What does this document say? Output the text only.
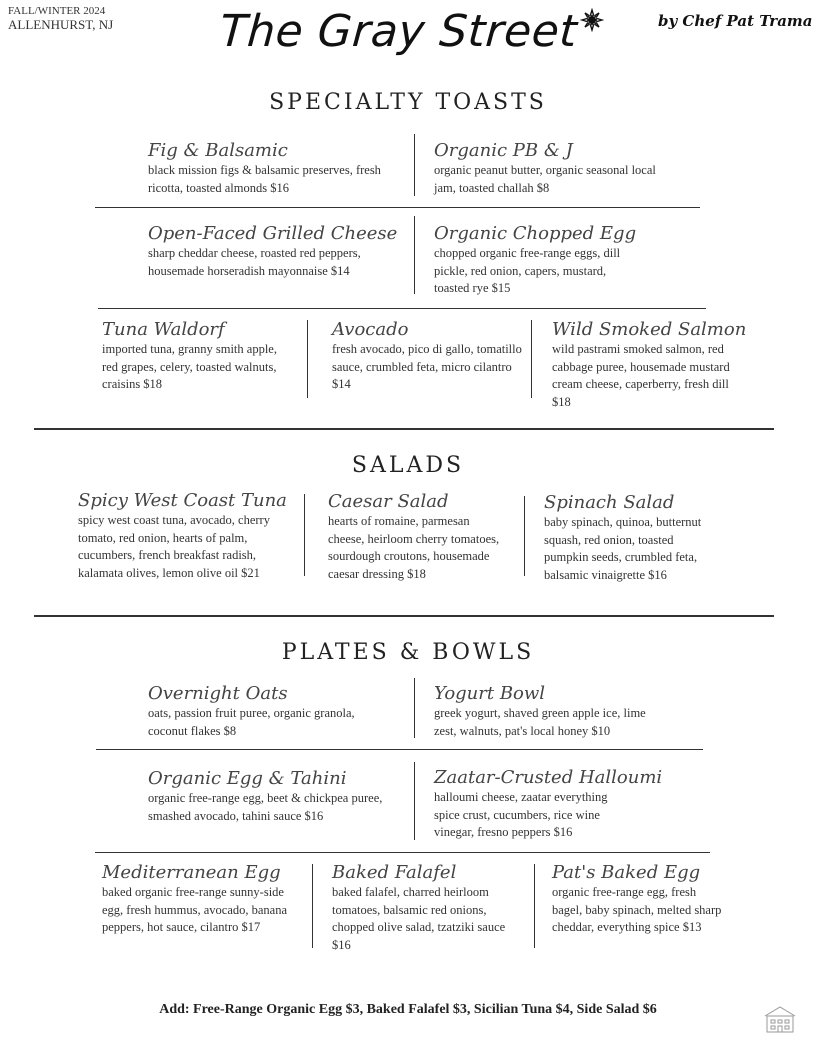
FALL/WINTER 2024
ALLENHURST, NJ The Gray Street	by Chef Pat Trama
SPECIALTY TOASTS
Fig & Balsamic
black mission figs & balsamic preserves, fresh ricotta, toasted almonds $16
Organic PB & J
organic peanut butter, organic seasonal local jam, toasted challah $8
Open-Faced Grilled Cheese
sharp cheddar cheese, roasted red peppers, housemade horseradish mayonnaise $14
Organic Chopped Egg
chopped organic free-range eggs, dill pickle, red onion, capers, mustard, toasted rye $15
Tuna Waldorf
imported tuna, granny smith apple, red grapes, celery, toasted walnuts, craisins $18
Avocado
fresh avocado, pico di gallo, tomatillo sauce, crumbled feta, micro cilantro $14
Wild Smoked Salmon
wild pastrami smoked salmon, red cabbage puree, housemade mustard cream cheese, caperberry, fresh dill $18
SALADS
Spicy West Coast Tuna
spicy west coast tuna, avocado, cherry tomato, red onion, hearts of palm, cucumbers, french breakfast radish, kalamata olives, lemon olive oil $21
Caesar Salad
hearts of romaine, parmesan cheese, heirloom cherry tomatoes, sourdough croutons, housemade caesar dressing $18
Spinach Salad
baby spinach, quinoa, butternut squash, red onion, toasted pumpkin seeds, crumbled feta, balsamic vinaigrette $16
PLATES & BOWLS
Overnight Oats
oats, passion fruit puree, organic granola, coconut flakes $8
Yogurt Bowl
greek yogurt, shaved green apple ice, lime zest, walnuts, pat's local honey $10
Organic Egg & Tahini
organic free-range egg, beet & chickpea puree, smashed avocado, tahini sauce $16
Zaatar-Crusted Halloumi
halloumi cheese, zaatar everything spice crust, cucumbers, rice wine vinegar, fresno peppers $16
Mediterranean Egg
baked organic free-range sunny-side egg, fresh hummus, avocado, banana peppers, hot sauce, cilantro $17
Baked Falafel
baked falafel, charred heirloom tomatoes, balsamic red onions, chopped olive salad, tzatziki sauce $16
Pat's Baked Egg
organic free-range egg, fresh bagel, baby spinach, melted sharp cheddar, everything spice $13
Add: Free-Range Organic Egg $3, Baked Falafel $3, Sicilian Tuna $4, Side Salad $6
